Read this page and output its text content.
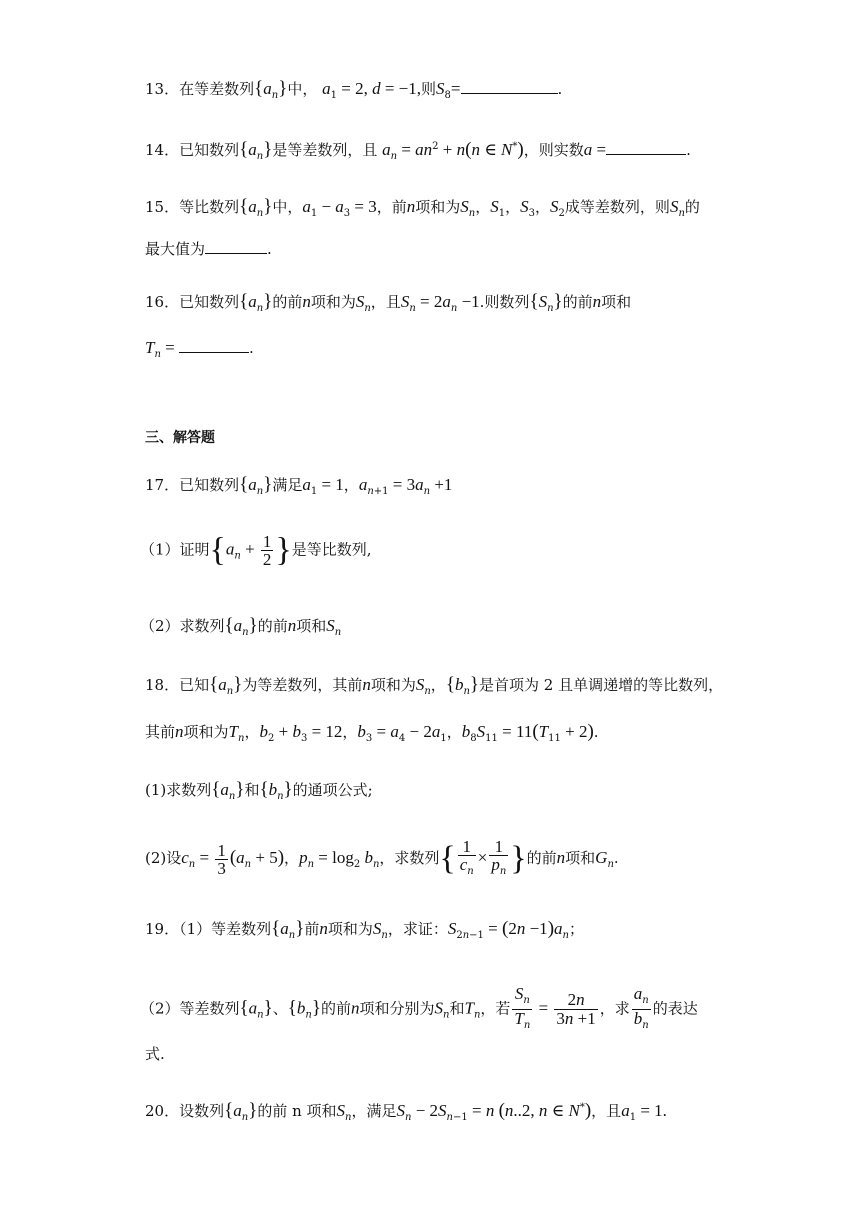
13．在等差数列$\{a_n\}$中， $a_1 = 2$, d = −1,则$S_8=$	.
14．已知数列$\{a_n\}$是等差数列，且 $a_n = an^2 + n(n$ ∈ N*)，则实数a =	.
15．等比数列$\{a_n\}$中，$a_1 - a_3 = 3$，前n项和为$S_n$，$S_1$，$S_3$，$S_2$成等差数列，则$S_n$的
最大值为	.
16．已知数列$\{a_n\}$的前n项和为$S_n$，且$S_n = 2a_n -1$.则数列$\{S_n\}$的前n项和
$T_n$ =	.
三、解答题
17．已知数列$\{a_n\}$满足$a_1 = 1$，$a_{n+1} = 3a_n +1$
（1）证明{$a_n + \frac{1}{2}$ }是等比数列,
（2）求数列$\{a_n\}$的前n项和$S_n$
18．已知$\{a_n\}$为等差数列，其前n项和为$S_n$，$\{b_n\}$是首项为 2 且单调递增的等比数列，
其前n项和为$T_n$，$b_2 + b_3 = 12$，$b_3 = a_4 - 2a_1$，$b_8S_{11} = 11(T_{11} + 2)$.
(1)求数列$\{a_n\}$和$\{b_n\}$的通项公式;
(2)设$c_n = \frac{1}{3} (a_n + 5)$，$p_n = \log_2 b_n$，求数列{ $\frac{1}{c_n} \times \frac{1}{p_n}$ }的前n项和$G_n$.
19．（1）等差数列$\{a_n\}$前n项和为$S_n$，求证：$S_{2n-1} = (2n -1)a_n$；
（2）等差数列$\{a_n\}$、$\{b_n\}$的前n项和分别为$S_n$和$T_n$，若 $\frac{S_n}{T_n} = \frac{2n}{3n +1}$ ，求 $\frac{a_n}{b_n}$ 的表达
式.
20．设数列$\{a_n\}$的前 n 项和$S_n$，满足$S_n - 2S_{n-1} = n$ (n..2, n ∈ N*)，且$a_1 = 1$.
